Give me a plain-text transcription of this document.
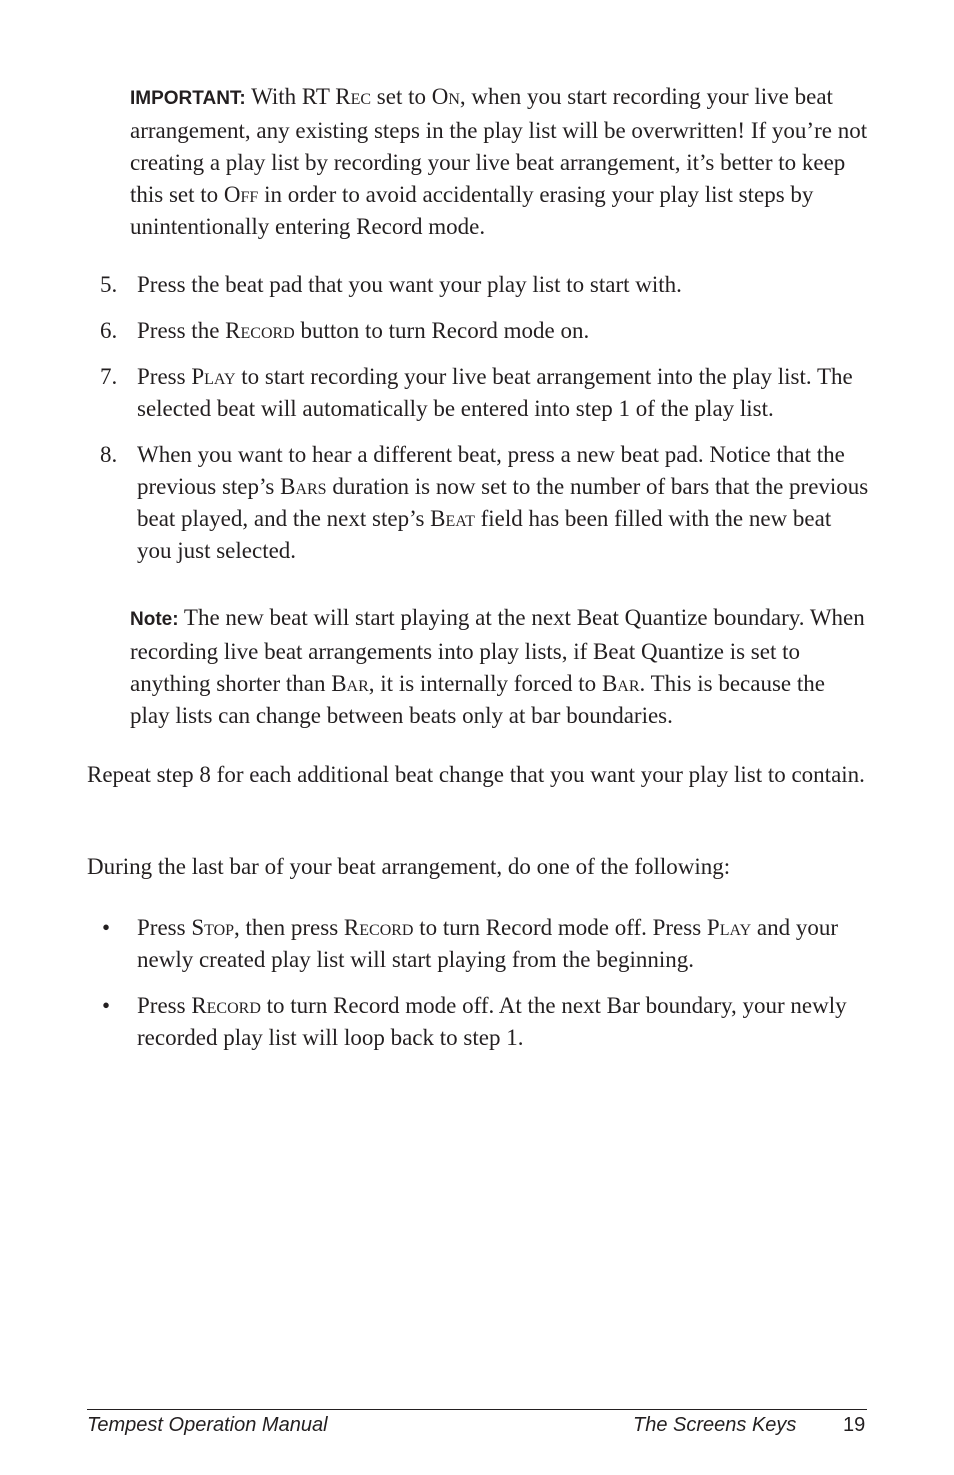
IMPORTANT: With RT Rec set to On, when you start recording your live beat arrangement, any existing steps in the play list will be overwritten! If you’re not creating a play list by recording your live beat arrangement, it’s better to keep this set to Off in order to avoid accidentally erasing your play list steps by unintentionally entering Record mode.
5. Press the beat pad that you want your play list to start with.
6. Press the Record button to turn Record mode on.
7. Press Play to start recording your live beat arrangement into the play list. The selected beat will automatically be entered into step 1 of the play list.
8. When you want to hear a different beat, press a new beat pad. Notice that the previous step’s Bars duration is now set to the number of bars that the previous beat played, and the next step’s Beat field has been filled with the new beat you just selected.
Note: The new beat will start playing at the next Beat Quantize boundary. When recording live beat arrangements into play lists, if Beat Quantize is set to anything shorter than Bar, it is internally forced to Bar. This is because the play lists can change between beats only at bar boundaries.
Repeat step 8 for each additional beat change that you want your play list to contain.
During the last bar of your beat arrangement, do one of the following:
• Press Stop, then press Record to turn Record mode off. Press Play and your newly created play list will start playing from the beginning.
• Press Record to turn Record mode off. At the next Bar boundary, your newly recorded play list will loop back to step 1.
Tempest Operation Manual	The Screens Keys 19
